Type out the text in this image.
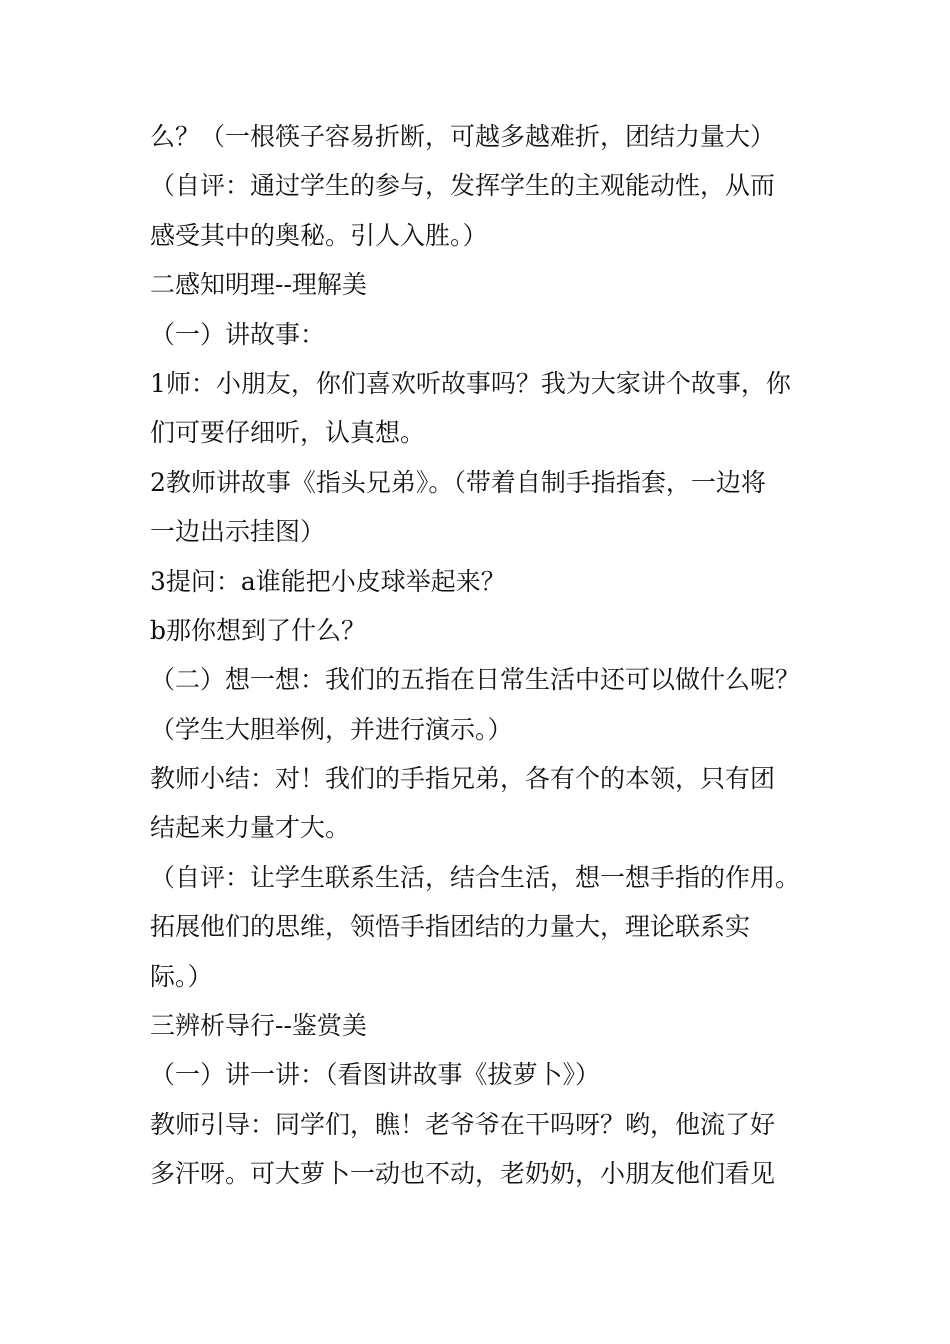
么？（一根筷子容易折断，可越多越难折，团结力量大）

（自评：通过学生的参与，发挥学生的主观能动性，从而

感受其中的奥秘。引人入胜。）

二感知明理--理解美

（一）讲故事：

1师：小朋友，你们喜欢听故事吗？我为大家讲个故事，你

们可要仔细听，认真想。

2教师讲故事《指头兄弟》。（带着自制手指指套，一边将

一边出示挂图）

3提问：a谁能把小皮球举起来？

b那你想到了什么？

（二）想一想：我们的五指在日常生活中还可以做什么呢？

（学生大胆举例，并进行演示。）

教师小结：对！我们的手指兄弟，各有个的本领，只有团

结起来力量才大。

（自评：让学生联系生活，结合生活，想一想手指的作用。

拓展他们的思维，领悟手指团结的力量大，理论联系实

际。）

三辨析导行--鉴赏美

（一）讲一讲：（看图讲故事《拔萝卜》）

教师引导：同学们，瞧！老爷爷在干吗呀？哟，他流了好

多汗呀。可大萝卜一动也不动，老奶奶，小朋友他们看见
